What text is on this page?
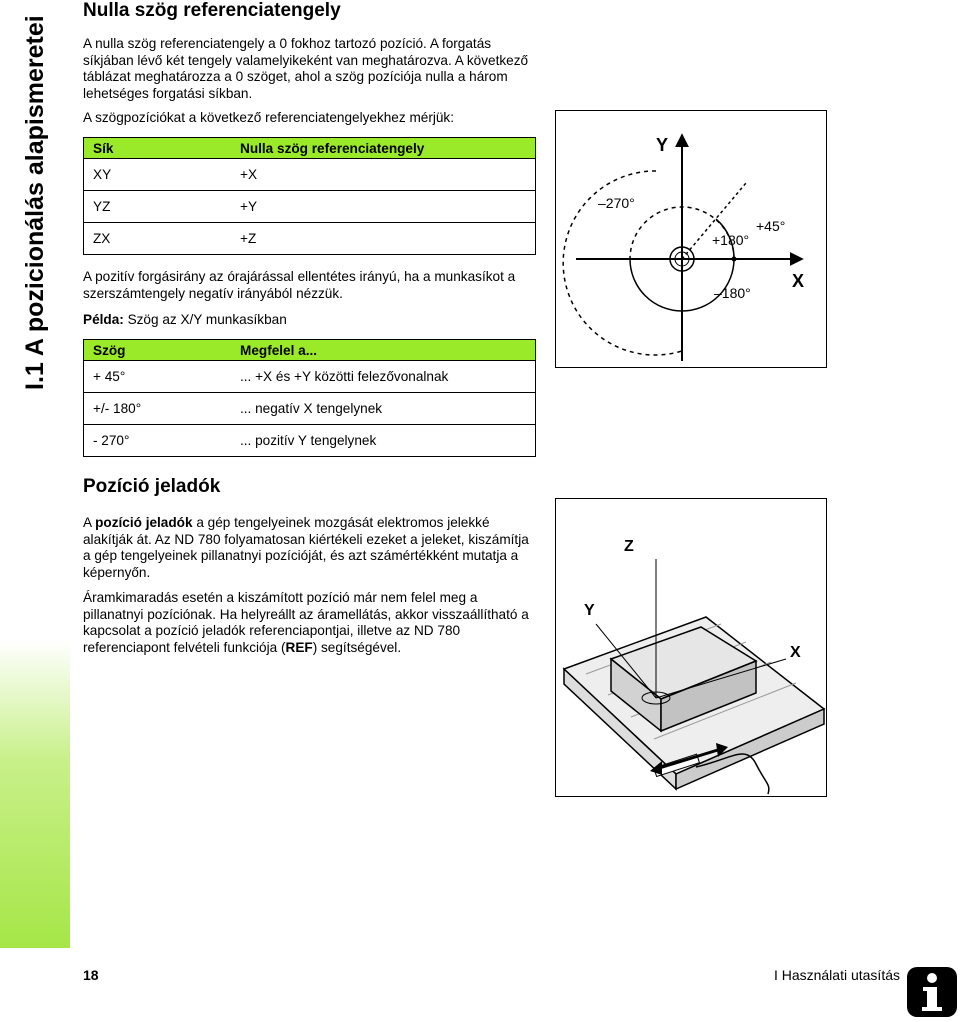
I.1 A pozicionálás alapismeretei
Nulla szög referenciatengely
A nulla szög referenciatengely a 0 fokhoz tartozó pozíció. A forgatás síkjában lévő két tengely valamelyikeként van meghatározva. A következő táblázat meghatározza a 0 szöget, ahol a szög pozíciója nulla a három lehetséges forgatási síkban.
A szögpozíciókat a következő referenciatengelyekhez mérjük:
Sík	Nulla szög referenciatengely
XY	+X
YZ	+Y
ZX	+Z
A pozitív forgásirány az órajárással ellentétes irányú, ha a munkasíkot a szerszámtengely negatív irányából nézzük.
Példa: Szög az X/Y munkasíkban
Szög	Megfelel a...
+ 45°	... +X és +Y közötti felezővonalnak
+/- 180°	... negatív X tengelynek
- 270°	... pozitív Y tengelynek
Y
X
–270°
+180°
+45°
–180°
Pozíció jeladók
A pozíció jeladók a gép tengelyeinek mozgását elektromos jelekké alakítják át. Az ND 780 folyamatosan kiértékeli ezeket a jeleket, kiszámítja a gép tengelyeinek pillanatnyi pozícióját, és azt számértékként mutatja a képernyőn.
Áramkimaradás esetén a kiszámított pozíció már nem felel meg a pillanatnyi pozíciónak. Ha helyreállt az áramellátás, akkor visszaállítható a kapcsolat a pozíció jeladók referenciapontjai, illetve az ND 780 referenciapont felvételi funkciója (REF) segítségével.
Z
Y
X
18	I Használati utasítás
